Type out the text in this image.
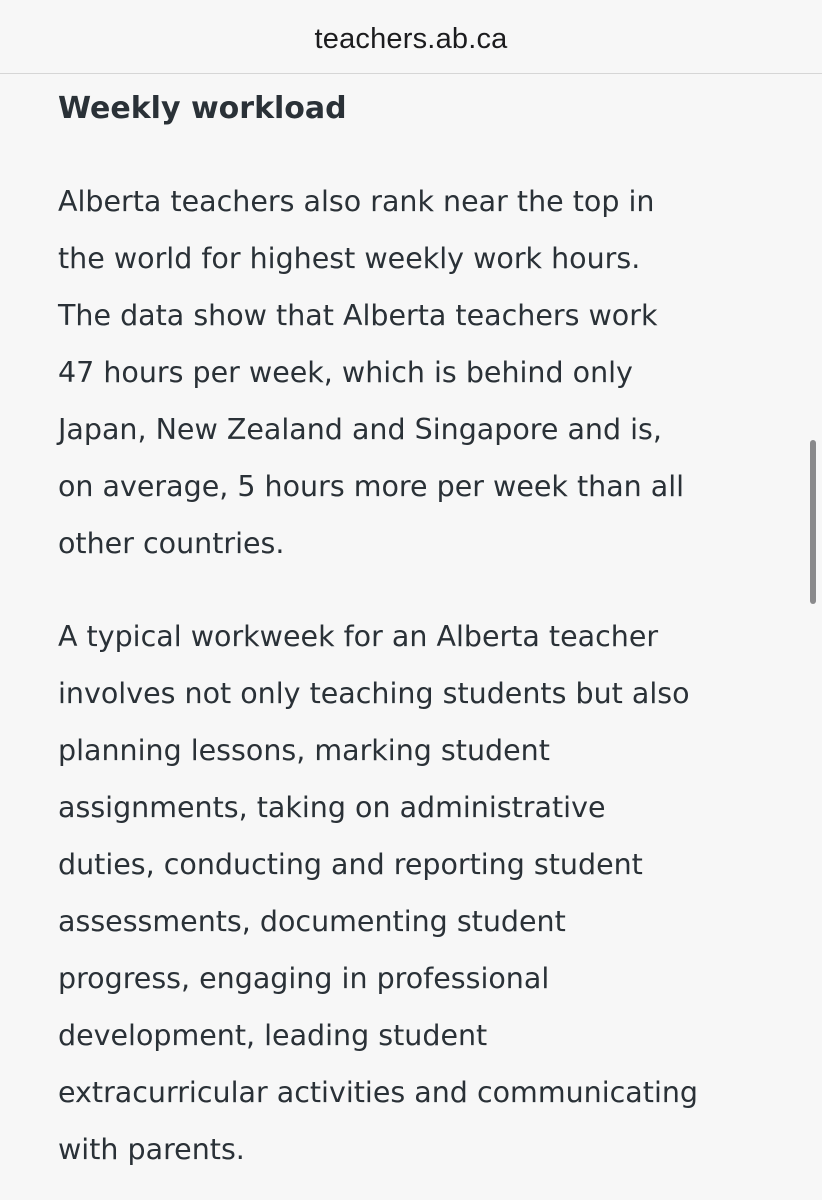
teachers.ab.ca
Weekly workload

Alberta teachers also rank near the top in
the world for highest weekly work hours.
The data show that Alberta teachers work
47 hours per week, which is behind only
Japan, New Zealand and Singapore and is,
on average, 5 hours more per week than all
other countries.

A typical workweek for an Alberta teacher
involves not only teaching students but also
planning lessons, marking student
assignments, taking on administrative
duties, conducting and reporting student
assessments, documenting student
progress, engaging in professional
development, leading student
extracurricular activities and communicating
with parents.
